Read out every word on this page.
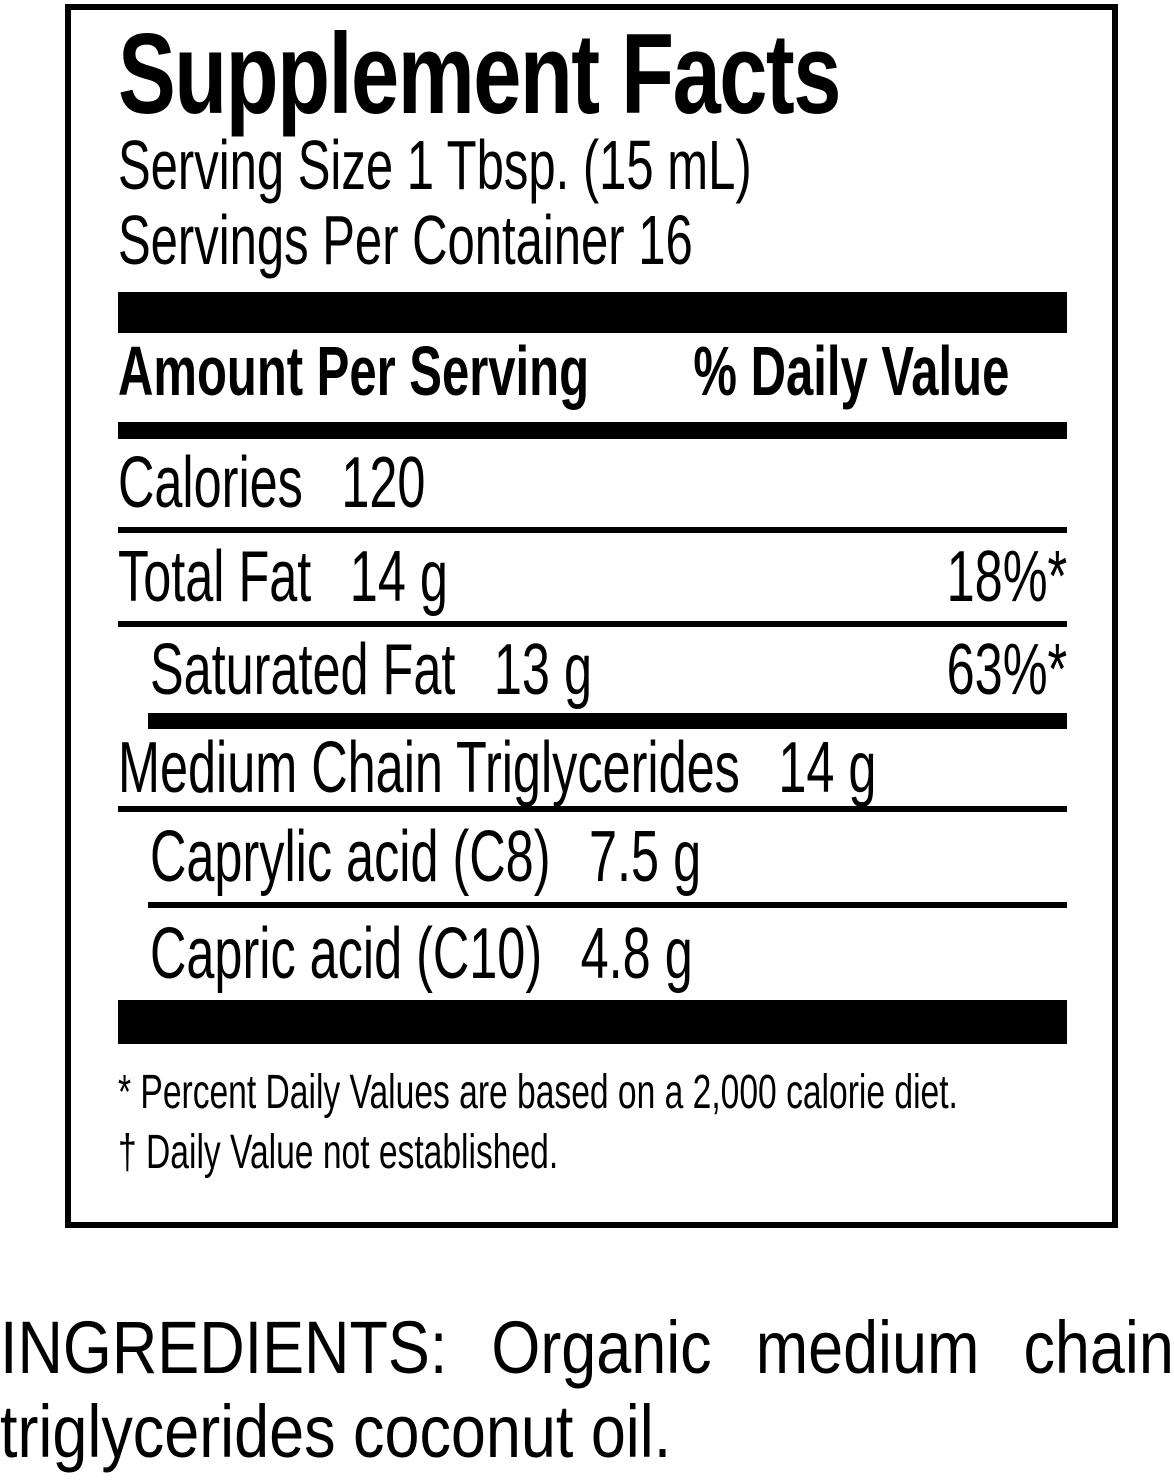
Supplement Facts
Serving Size 1 Tbsp. (15 mL)
Servings Per Container 16
Amount Per Serving % Daily Value
Calories 120
Total Fat 14 g	18%*
Saturated Fat 13 g	63%*
Medium Chain Triglycerides 14 g
Caprylic acid (C8) 7.5 g
Capric acid (C10) 4.8 g
* Percent Daily Values are based on a 2,000 calorie diet.
† Daily Value not established.
INGREDIENTS: Organic medium chain
triglycerides coconut oil.
